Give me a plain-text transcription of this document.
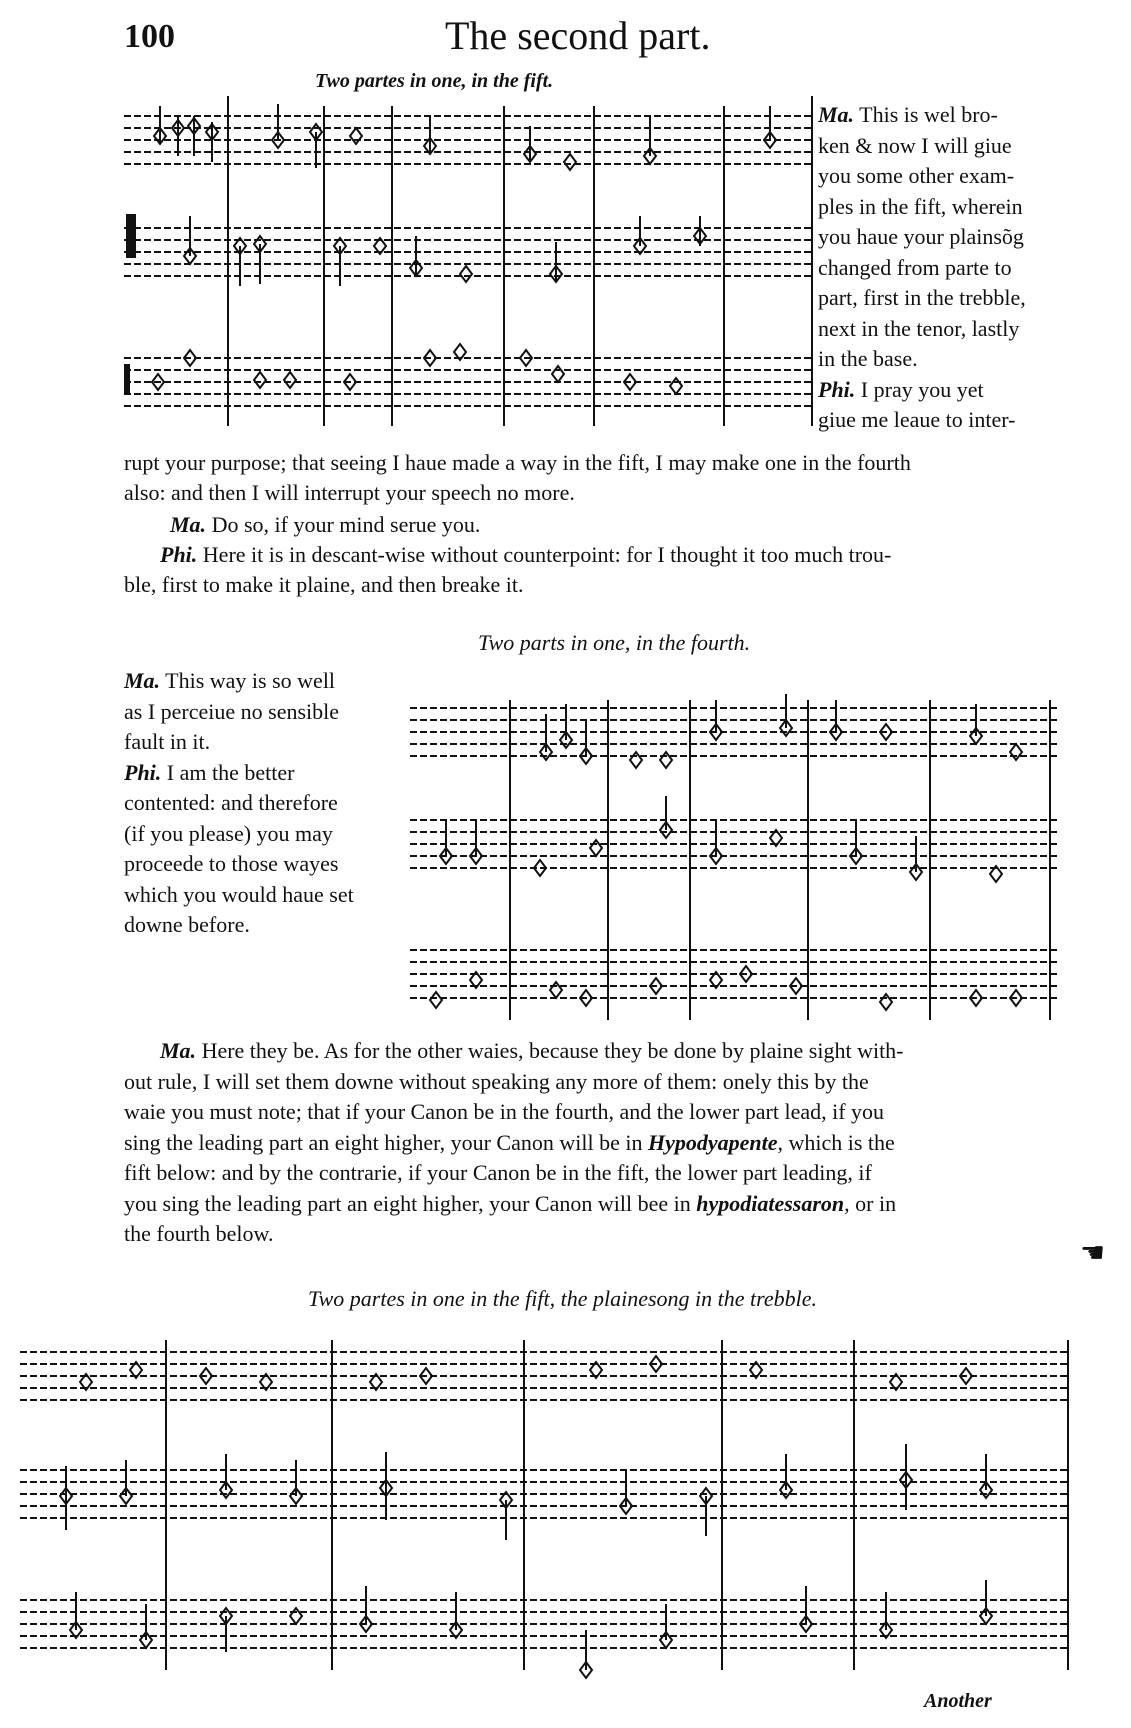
100	The second part.
Two partes in one, in the fift.
Ma. This is wel bro-
ken & now I will giue
you some other exam-
ples in the fift, wherein
you haue your plainsõg
changed from parte to
part, first in the trebble,
next in the tenor, lastly
in the base.
Phi. I pray you yet
giue me leaue to inter-
rupt your purpose; that seeing I haue made a way in the fift, I may make one in the fourth
also: and then I will interrupt your speech no more.
Ma. Do so, if your mind serue you.
Phi. Here it is in descant-wise without counterpoint: for I thought it too much trou-
ble, first to make it plaine, and then breake it.
Two parts in one, in the fourth.
Ma. This way is so well
as I perceiue no sensible
fault in it.
Phi. I am the better
contented: and therefore
(if you please) you may
proceede to those wayes
which you would haue set
downe before.
Ma. Here they be. As for the other waies, because they be done by plaine sight with-
out rule, I will set them downe without speaking any more of them: onely this by the
waie you must note; that if your Canon be in the fourth, and the lower part lead, if you
sing the leading part an eight higher, your Canon will be in Hypodyapente, which is the
fift below: and by the contrarie, if your Canon be in the fift, the lower part leading, if
you sing the leading part an eight higher, your Canon will bee in hypodiatessaron, or in
the fourth below.
☚
Two partes in one in the fift, the plainesong in the trebble.
Another
